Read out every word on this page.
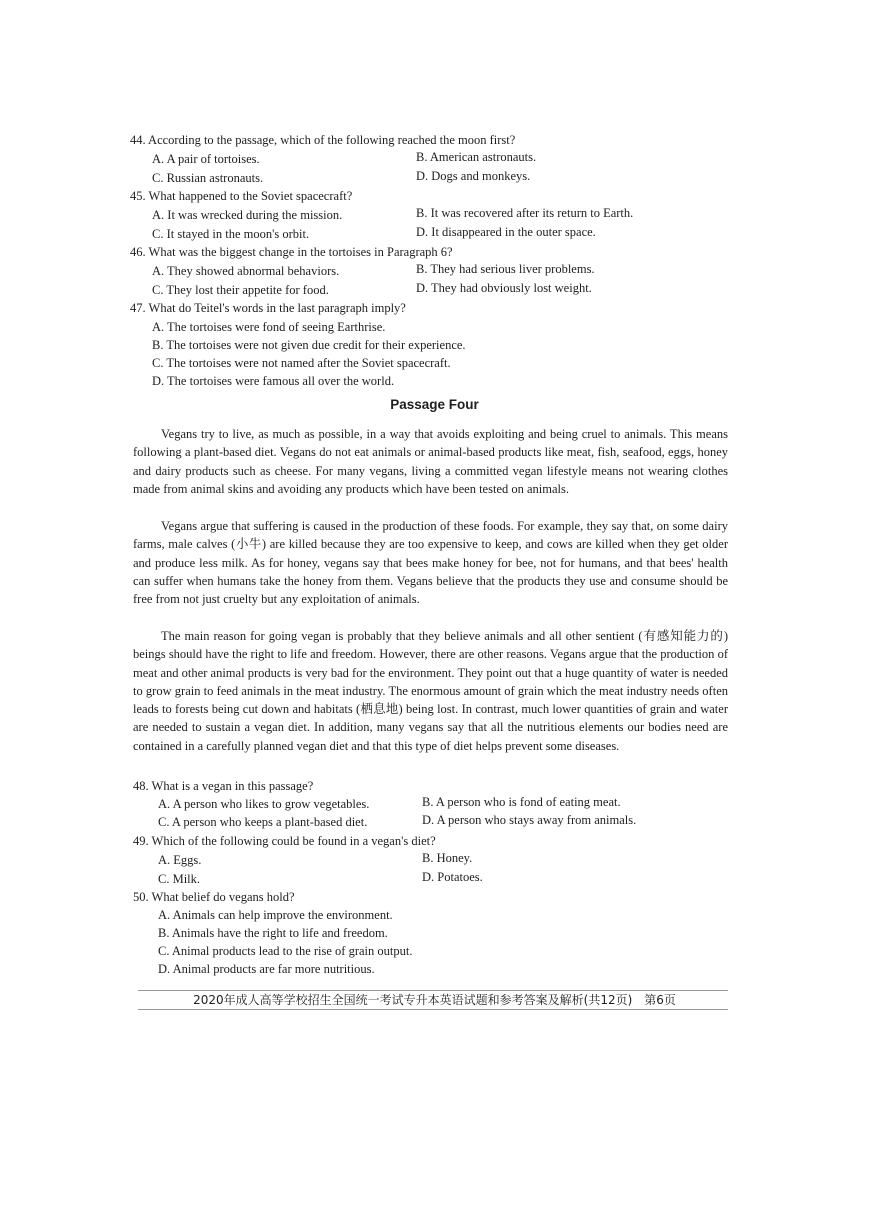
44. According to the passage, which of the following reached the moon first?
A. A pair of tortoises.	B. American astronauts.
C. Russian astronauts.	D. Dogs and monkeys.
45. What happened to the Soviet spacecraft?
A. It was wrecked during the mission.	B. It was recovered after its return to Earth.
C. It stayed in the moon's orbit.	D. It disappeared in the outer space.
46. What was the biggest change in the tortoises in Paragraph 6?
A. They showed abnormal behaviors.	B. They had serious liver problems.
C. They lost their appetite for food.	D. They had obviously lost weight.
47. What do Teitel's words in the last paragraph imply?
A. The tortoises were fond of seeing Earthrise.
B. The tortoises were not given due credit for their experience.
C. The tortoises were not named after the Soviet spacecraft.
D. The tortoises were famous all over the world.
Passage Four

Vegans try to live, as much as possible, in a way that avoids exploiting and being cruel to animals. This means following a plant-based diet. Vegans do not eat animals or animal-based products like meat, fish, seafood, eggs, honey and dairy products such as cheese. For many vegans, living a committed vegan lifestyle means not wearing clothes made from animal skins and avoiding any products which have been tested on animals.

Vegans argue that suffering is caused in the production of these foods. For example, they say that, on some dairy farms, male calves (小牛) are killed because they are too expensive to keep, and cows are killed when they get older and produce less milk. As for honey, vegans say that bees make honey for bee, not for humans, and that bees' health can suffer when humans take the honey from them. Vegans believe that the products they use and consume should be free from not just cruelty but any exploitation of animals.

The main reason for going vegan is probably that they believe animals and all other sentient (有感知能力的) beings should have the right to life and freedom. However, there are other reasons. Vegans argue that the production of meat and other animal products is very bad for the environment. They point out that a huge quantity of water is needed to grow grain to feed animals in the meat industry. The enormous amount of grain which the meat industry needs often leads to forests being cut down and habitats (栖息地) being lost. In contrast, much lower quantities of grain and water are needed to sustain a vegan diet. In addition, many vegans say that all the nutritious elements our bodies need are contained in a carefully planned vegan diet and that this type of diet helps prevent some diseases.

48. What is a vegan in this passage?
A. A person who likes to grow vegetables.	B. A person who is fond of eating meat.
C. A person who keeps a plant-based diet.	D. A person who stays away from animals.
49. Which of the following could be found in a vegan's diet?
A. Eggs.	B. Honey.
C. Milk.	D. Potatoes.
50. What belief do vegans hold?
A. Animals can help improve the environment.
B. Animals have the right to life and freedom.
C. Animal products lead to the rise of grain output.
D. Animal products are far more nutritious.
2020年成人高等学校招生全国统一考试专升本英语试题和参考答案及解析(共12页)　第6页
